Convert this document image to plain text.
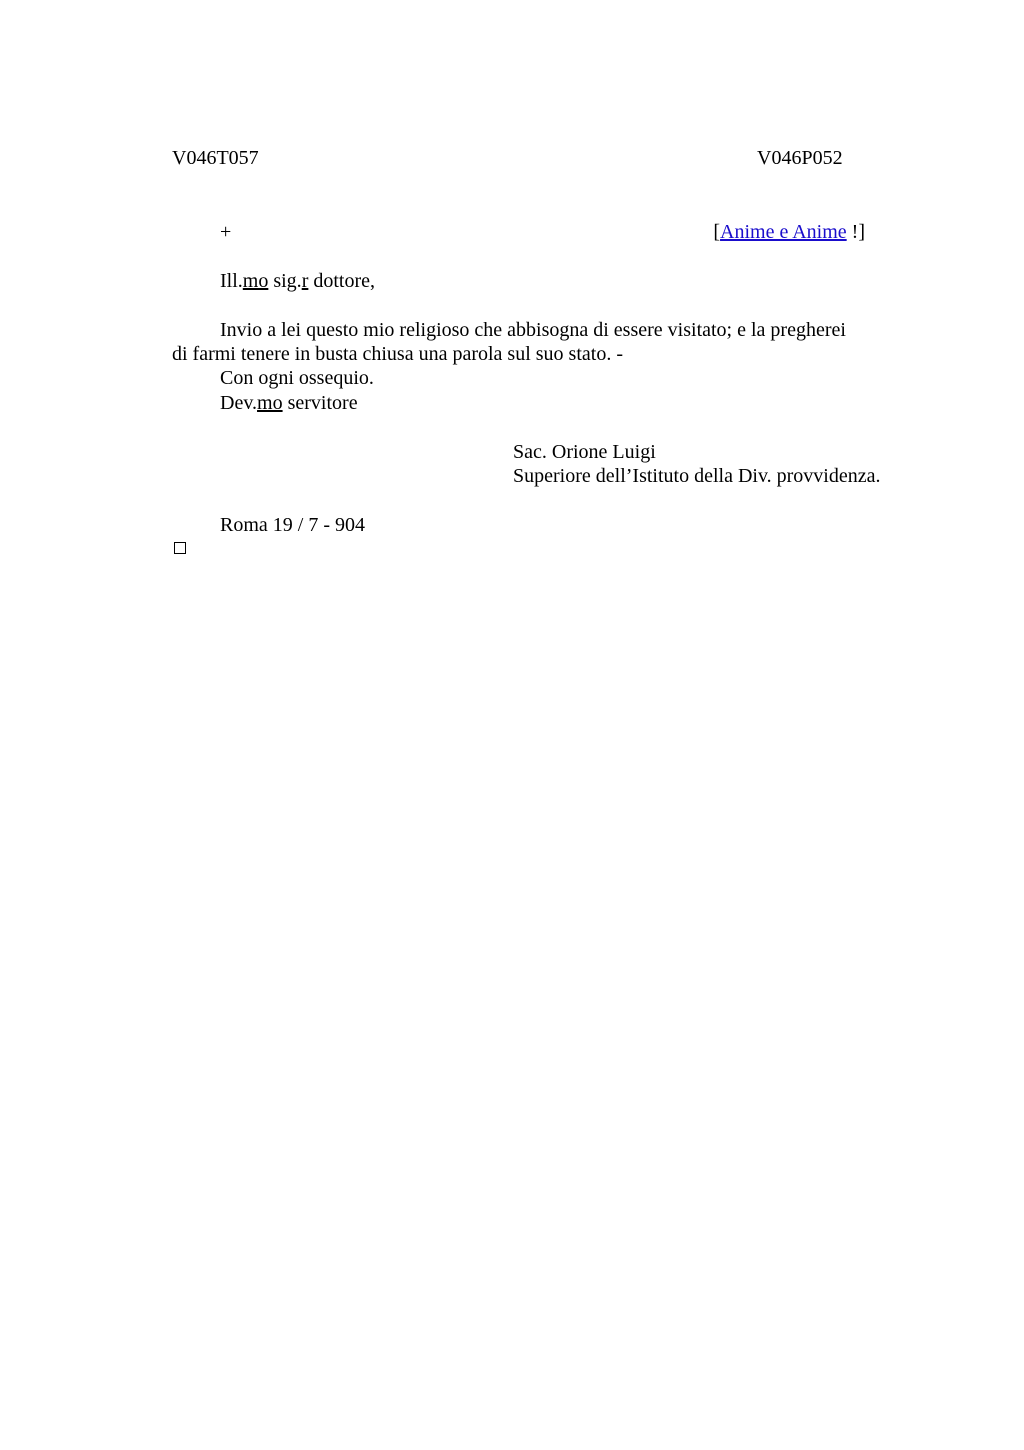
V046T057	V046P052
+	[Anime e Anime !]
Ill.mo sig.r dottore,
Invio a lei questo mio religioso che abbisogna di essere visitato; e la pregherei
di farmi tenere in busta chiusa una parola sul suo stato. -
Con ogni ossequio.
Dev.mo servitore
Sac. Orione Luigi
Superiore dell’Istituto della Div. provvidenza.
Roma 19 / 7 - 904
